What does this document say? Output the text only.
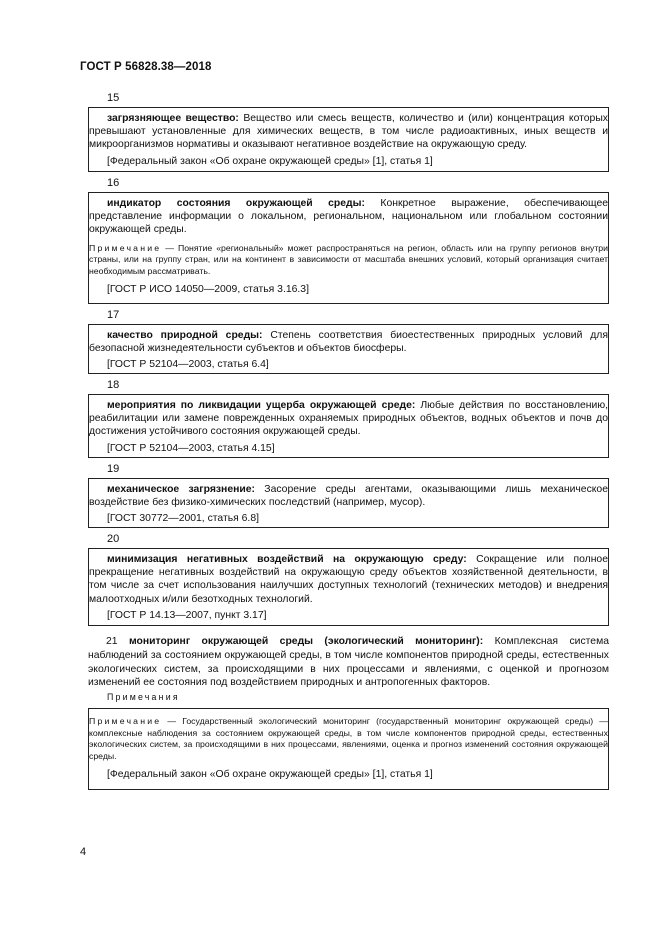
ГОСТ Р 56828.38—2018
15

загрязняющее вещество: Вещество или смесь веществ, количество и (или) концентрация которых превышают установленные для химических веществ, в том числе радиоактивных, иных веществ и микроорганизмов нормативы и оказывают негативное воздействие на окружающую среду.

[Федеральный закон «Об охране окружающей среды» [1], статья 1]

16

индикатор состояния окружающей среды: Конкретное выражение, обеспечивающее представление информации о локальном, региональном, национальном или глобальном состоянии окружающей среды.

Примечание — Понятие «региональный» может распространяться на регион, область или на группу регионов внутри страны, или на группу стран, или на континент в зависимости от масштаба внешних условий, который организация считает необходимым рассматривать.

[ГОСТ Р ИСО 14050—2009, статья 3.16.3]

17

качество природной среды: Степень соответствия биоестественных природных условий для безопасной жизнедеятельности субъектов и объектов биосферы.

[ГОСТ Р 52104—2003, статья 6.4]

18

мероприятия по ликвидации ущерба окружающей среде: Любые действия по восстановлению, реабилитации или замене поврежденных охраняемых природных объектов, водных объектов и почв до достижения устойчивого состояния окружающей среды.

[ГОСТ Р 52104—2003, статья 4.15]

19

механическое загрязнение: Засорение среды агентами, оказывающими лишь механическое воздействие без физико-химических последствий (например, мусор).

[ГОСТ 30772—2001, статья 6.8]

20

минимизация негативных воздействий на окружающую среду: Сокращение или полное прекращение негативных воздействий на окружающую среду объектов хозяйственной деятельности, в том числе за счет использования наилучших доступных технологий (технических методов) и внедрения малоотходных и/или безотходных технологий.

[ГОСТ Р 14.13—2007, пункт 3.17]

21 мониторинг окружающей среды (экологический мониторинг): Комплексная система наблюдений за состоянием окружающей среды, в том числе компонентов природной среды, естественных экологических систем, за происходящими в них процессами и явлениями, с оценкой и прогнозом изменений ее состояния под воздействием природных и антропогенных факторов.

Примечания

Примечание — Государственный экологический мониторинг (государственный мониторинг окружающей среды) — комплексные наблюдения за состоянием окружающей среды, в том числе компонентов природной среды, естественных экологических систем, за происходящими в них процессами, явлениями, оценка и прогноз изменений состояния окружающей среды.

[Федеральный закон «Об охране окружающей среды» [1], статья 1]

4
